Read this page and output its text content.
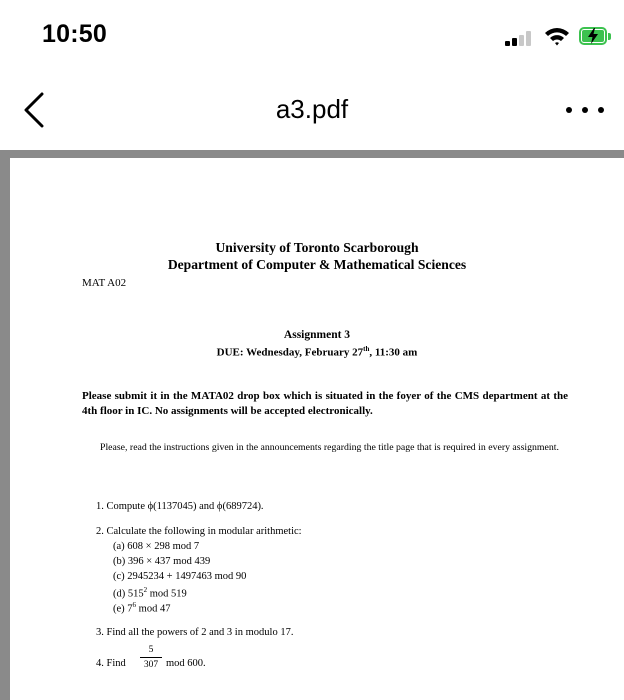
10:50
a3.pdf
University of Toronto Scarborough
Department of Computer & Mathematical Sciences
MAT A02
Assignment 3
DUE: Wednesday, February 27th, 11:30 am
Please submit it in the MATA02 drop box which is situated in the foyer of the CMS department at the 4th floor in IC. No assignments will be accepted electronically.
Please, read the instructions given in the announcements regarding the title page that is required in every assignment.
1. Compute ϕ(1137045) and ϕ(689724).
2. Calculate the following in modular arithmetic:
(a) 608 × 298 mod 7
(b) 396 × 437 mod 439
(c) 2945234 + 1497463 mod 90
(d) $515^2$ mod 519
(e) $7^6$ mod 47
3. Find all the powers of 2 and 3 in modulo 17.
4. Find
5
307 mod 600.
